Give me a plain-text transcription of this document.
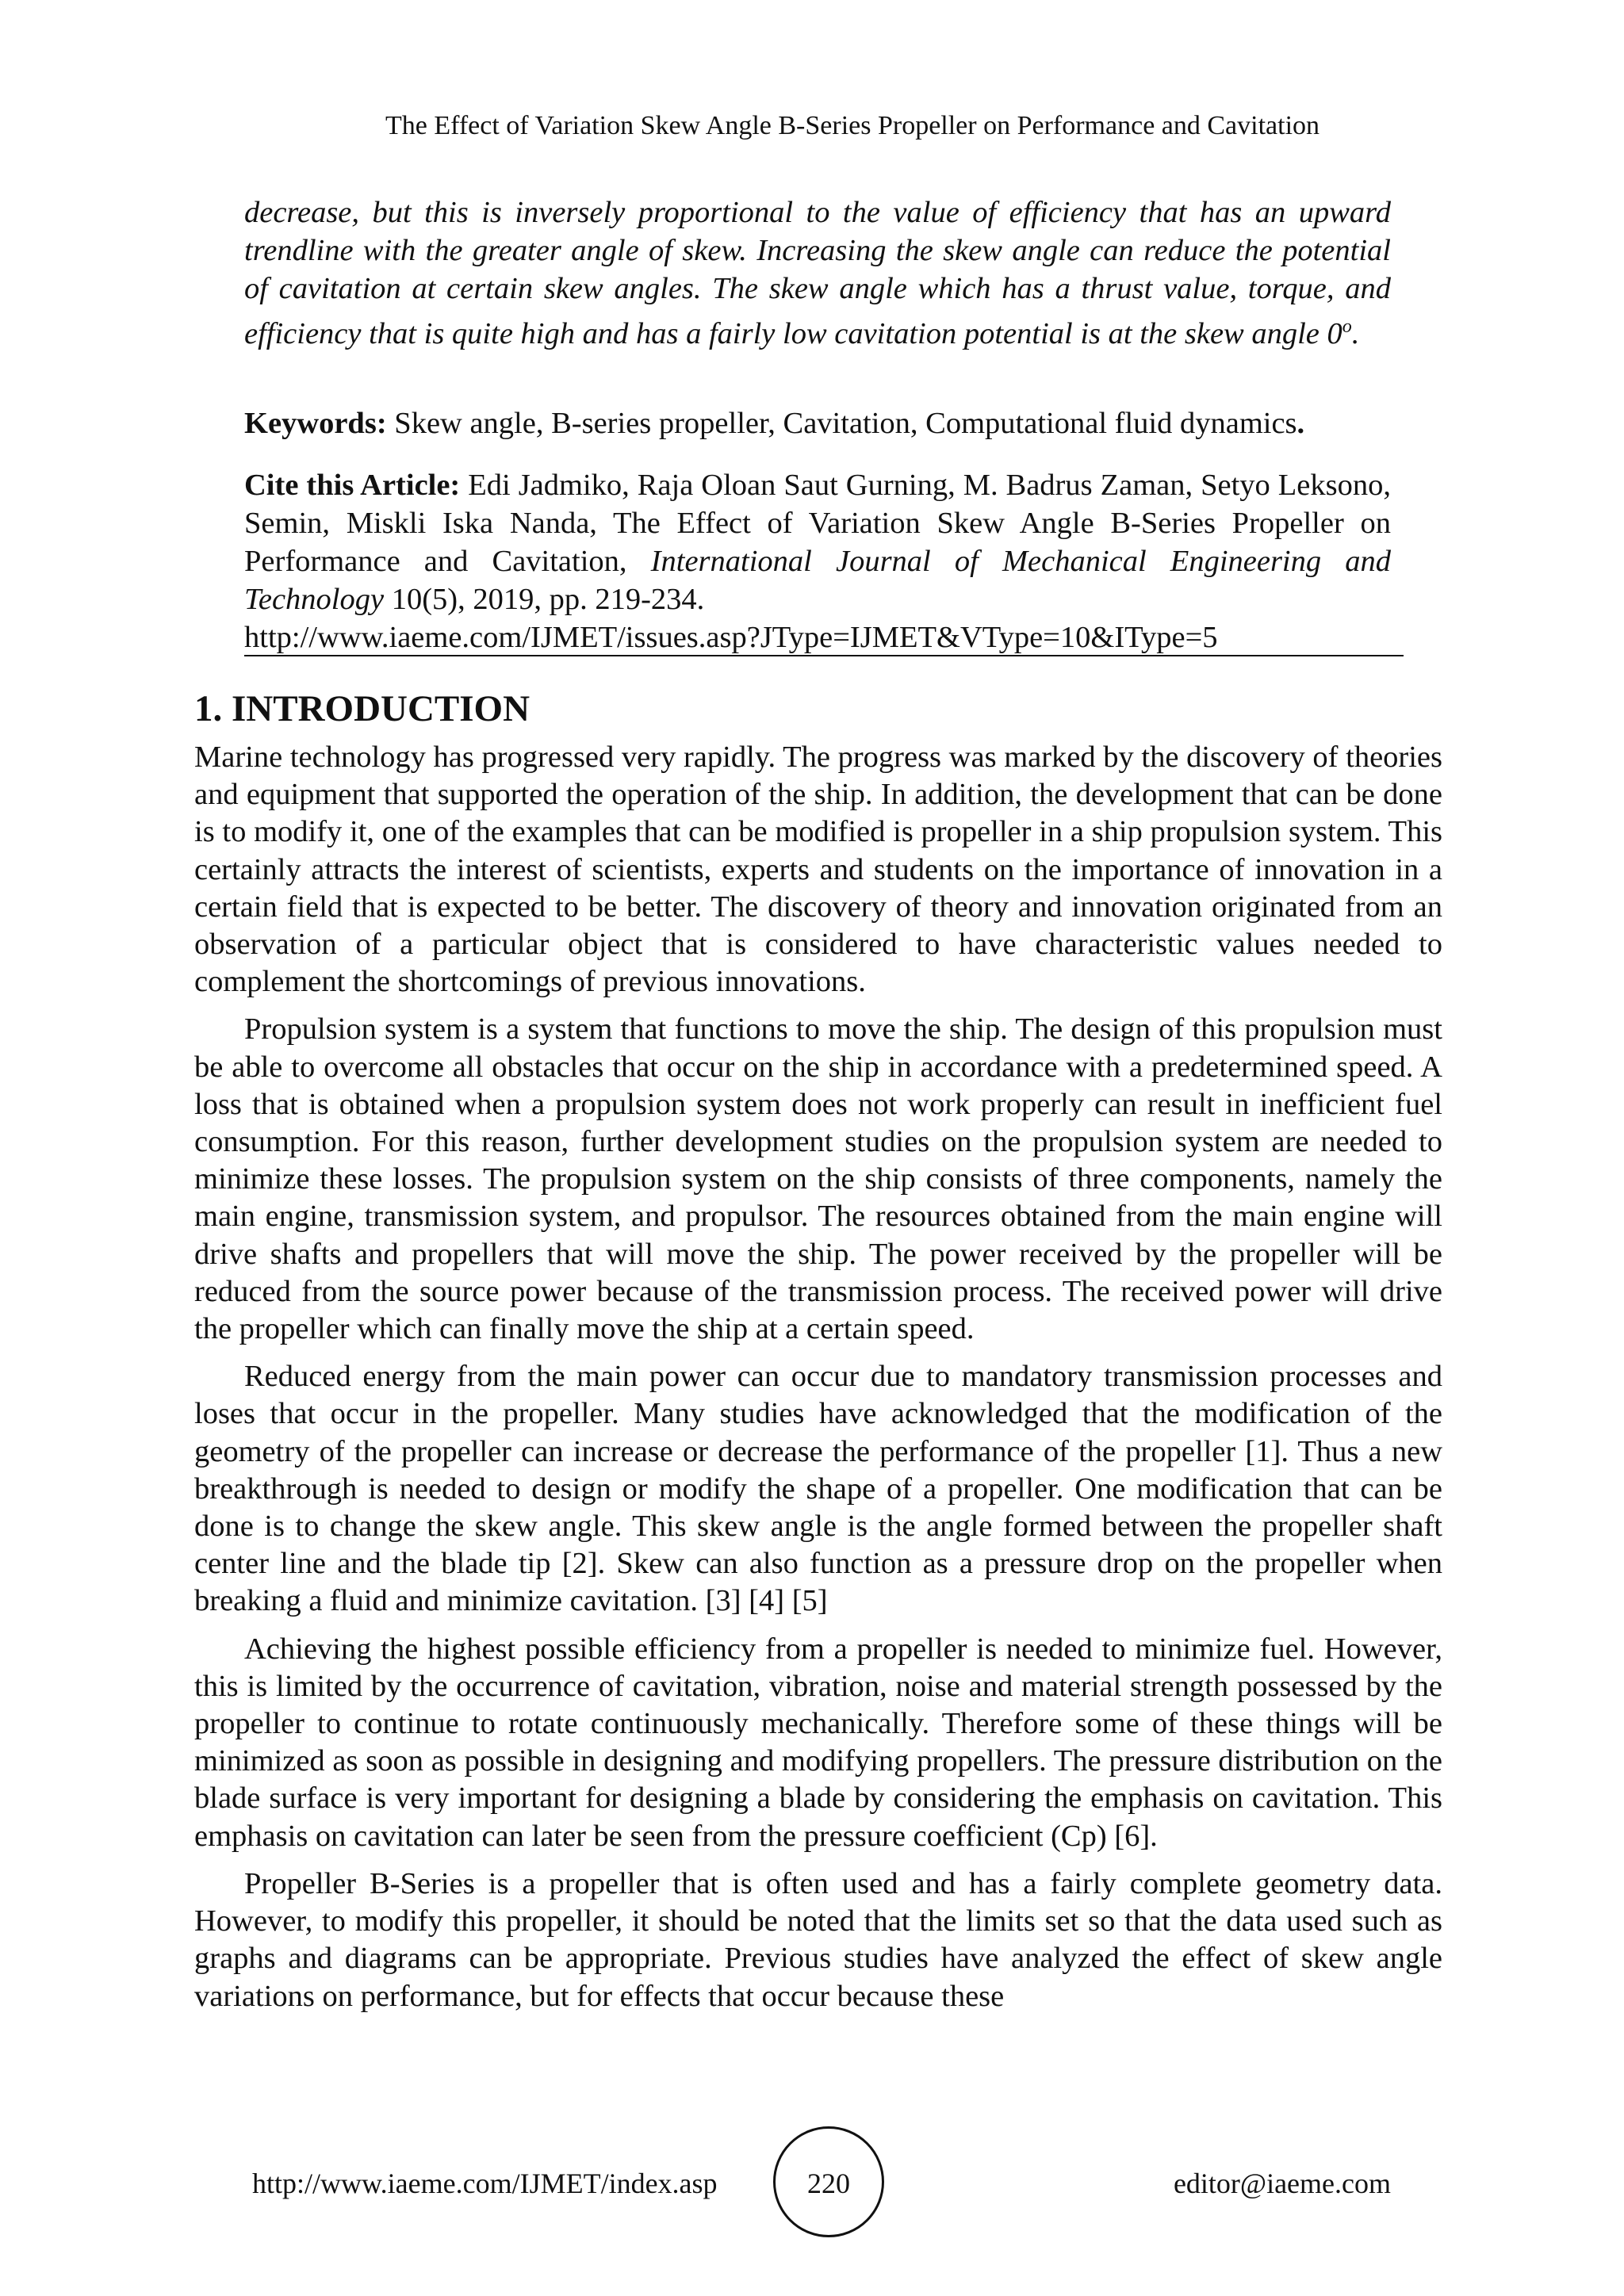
The Effect of Variation Skew Angle B-Series Propeller on Performance and Cavitation

decrease, but this is inversely proportional to the value of efficiency that has an upward trendline with the greater angle of skew. Increasing the skew angle can reduce the potential of cavitation at certain skew angles. The skew angle which has a thrust value, torque, and efficiency that is quite high and has a fairly low cavitation potential is at the skew angle 0$^o$.

Keywords: Skew angle, B-series propeller, Cavitation, Computational fluid dynamics.

Cite this Article: Edi Jadmiko, Raja Oloan Saut Gurning, M. Badrus Zaman, Setyo Leksono, Semin, Miskli Iska Nanda, The Effect of Variation Skew Angle B-Series Propeller on Performance and Cavitation, International Journal of Mechanical Engineering and Technology 10(5), 2019, pp. 219-234.

http://www.iaeme.com/IJMET/issues.asp?JType=IJMET&VType=10&IType=5
1. INTRODUCTION

Marine technology has progressed very rapidly. The progress was marked by the discovery of theories and equipment that supported the operation of the ship. In addition, the development that can be done is to modify it, one of the examples that can be modified is propeller in a ship propulsion system. This certainly attracts the interest of scientists, experts and students on the importance of innovation in a certain field that is expected to be better. The discovery of theory and innovation originated from an observation of a particular object that is considered to have characteristic values needed to complement the shortcomings of previous innovations.

Propulsion system is a system that functions to move the ship. The design of this propulsion must be able to overcome all obstacles that occur on the ship in accordance with a predetermined speed. A loss that is obtained when a propulsion system does not work properly can result in inefficient fuel consumption. For this reason, further development studies on the propulsion system are needed to minimize these losses. The propulsion system on the ship consists of three components, namely the main engine, transmission system, and propulsor. The resources obtained from the main engine will drive shafts and propellers that will move the ship. The power received by the propeller will be reduced from the source power because of the transmission process. The received power will drive the propeller which can finally move the ship at a certain speed.

Reduced energy from the main power can occur due to mandatory transmission processes and loses that occur in the propeller. Many studies have acknowledged that the modification of the geometry of the propeller can increase or decrease the performance of the propeller [1]. Thus a new breakthrough is needed to design or modify the shape of a propeller. One modification that can be done is to change the skew angle. This skew angle is the angle formed between the propeller shaft center line and the blade tip [2]. Skew can also function as a pressure drop on the propeller when breaking a fluid and minimize cavitation. [3] [4] [5]

Achieving the highest possible efficiency from a propeller is needed to minimize fuel. However, this is limited by the occurrence of cavitation, vibration, noise and material strength possessed by the propeller to continue to rotate continuously mechanically. Therefore some of these things will be minimized as soon as possible in designing and modifying propellers. The pressure distribution on the blade surface is very important for designing a blade by considering the emphasis on cavitation. This emphasis on cavitation can later be seen from the pressure coefficient (Cp) [6].

Propeller B-Series is a propeller that is often used and has a fairly complete geometry data. However, to modify this propeller, it should be noted that the limits set so that the data used such as graphs and diagrams can be appropriate. Previous studies have analyzed the effect of skew angle variations on performance, but for effects that occur because these

http://www.iaeme.com/IJMET/index.asp	220	editor@iaeme.com
